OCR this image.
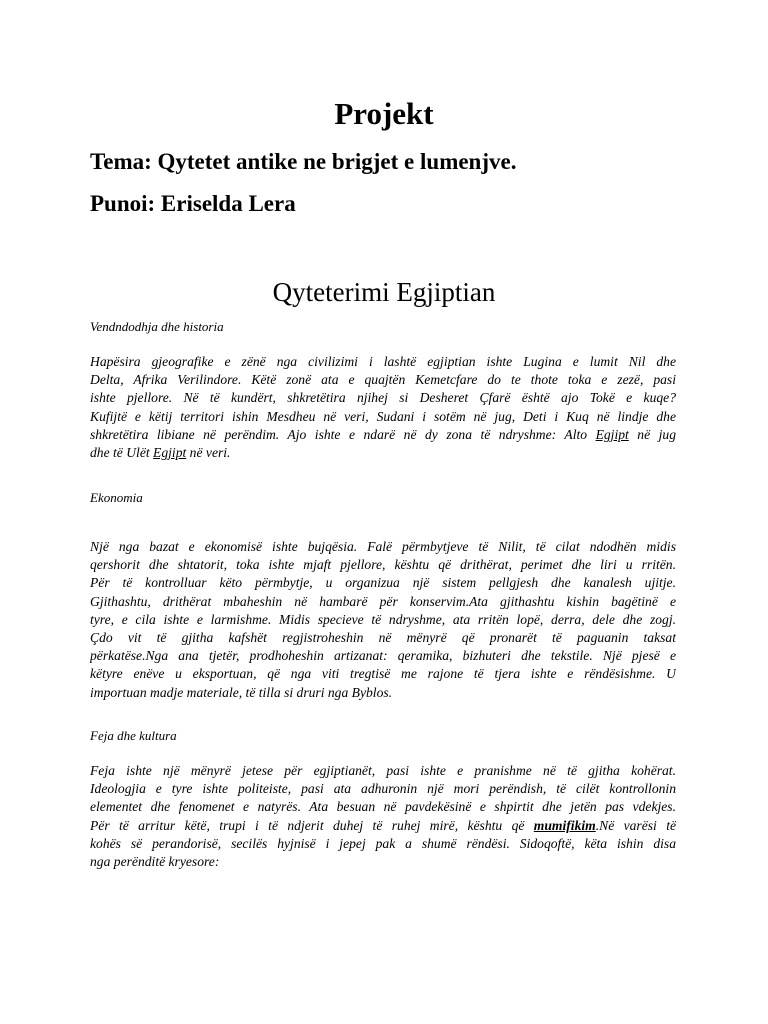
Projekt
Tema: Qytetet antike ne brigjet e lumenjve.
Punoi: Eriselda Lera
Qyteterimi Egjiptian

Vendndodhja dhe historia

Hapësira gjeografike e zënë nga civilizimi i lashtë egjiptian ishte Lugina e lumit Nil dhe
Delta, Afrika Verilindore. Këtë zonë ata e quajtën Kemetcfare do te thote toka e zezë, pasi
ishte pjellore. Në të kundërt, shkretëtira njihej si Desheret Çfarë është ajo Tokë e kuqe?
Kufijtë e këtij territori ishin Mesdheu në veri, Sudani i sotëm në jug, Deti i Kuq në lindje dhe
shkretëtira libiane në perëndim. Ajo ishte e ndarë në dy zona të ndryshme: Alto Egjipt në jug
dhe të Ulët Egjipt në veri.

Ekonomia

Një nga bazat e ekonomisë ishte bujqësia. Falë përmbytjeve të Nilit, të cilat ndodhën midis
qershorit dhe shtatorit, toka ishte mjaft pjellore, kështu që drithërat, perimet dhe liri u rritën.
Për të kontrolluar këto përmbytje, u organizua një sistem pellgjesh dhe kanalesh ujitje.
Gjithashtu, drithërat mbaheshin në hambarë për konservim.Ata gjithashtu kishin bagëtinë e
tyre, e cila ishte e larmishme. Midis specieve të ndryshme, ata rritën lopë, derra, dele dhe zogj.
Çdo vit të gjitha kafshët regjistroheshin në mënyrë që pronarët të paguanin taksat
përkatëse.Nga ana tjetër, prodhoheshin artizanat: qeramika, bizhuteri dhe tekstile. Një pjesë e
këtyre enëve u eksportuan, që nga viti tregtisë me rajone të tjera ishte e rëndësishme. U
importuan madje materiale, të tilla si druri nga Byblos.

Feja dhe kultura

Feja ishte një mënyrë jetese për egjiptianët, pasi ishte e pranishme në të gjitha kohërat.
Ideologjia e tyre ishte politeiste, pasi ata adhuronin një mori perëndish, të cilët kontrollonin
elementet dhe fenomenet e natyrës. Ata besuan në pavdekësinë e shpirtit dhe jetën pas vdekjes.
Për të arritur këtë, trupi i të ndjerit duhej të ruhej mirë, kështu që mumifikim.Në varësi të
kohës së perandorisë, secilës hyjnisë i jepej pak a shumë rëndësi. Sidoqoftë, këta ishin disa
nga perënditë kryesore:
